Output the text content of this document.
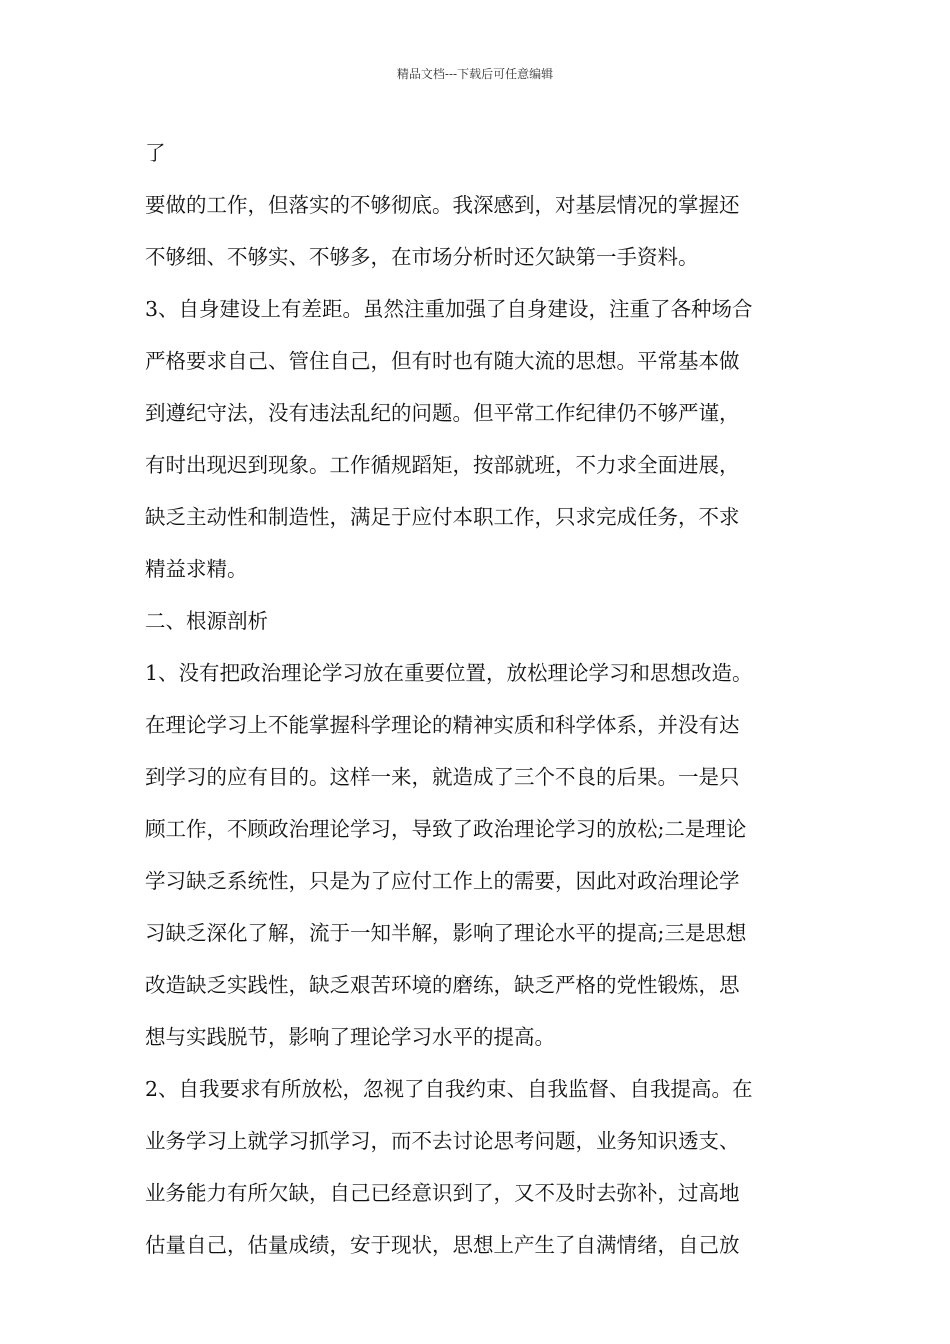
精品文档---下载后可任意编辑
了
要做的工作，但落实的不够彻底。我深感到，对基层情况的掌握还
不够细、不够实、不够多，在市场分析时还欠缺第一手资料。
3、自身建设上有差距。虽然注重加强了自身建设，注重了各种场合
严格要求自己、管住自己，但有时也有随大流的思想。平常基本做
到遵纪守法，没有违法乱纪的问题。但平常工作纪律仍不够严谨，
有时出现迟到现象。工作循规蹈矩，按部就班，不力求全面进展，
缺乏主动性和制造性，满足于应付本职工作，只求完成任务，不求
精益求精。
二、根源剖析
1、没有把政治理论学习放在重要位置，放松理论学习和思想改造。
在理论学习上不能掌握科学理论的精神实质和科学体系，并没有达
到学习的应有目的。这样一来，就造成了三个不良的后果。一是只
顾工作，不顾政治理论学习，导致了政治理论学习的放松;二是理论
学习缺乏系统性，只是为了应付工作上的需要，因此对政治理论学
习缺乏深化了解，流于一知半解，影响了理论水平的提高;三是思想
改造缺乏实践性，缺乏艰苦环境的磨练，缺乏严格的党性锻炼，思
想与实践脱节，影响了理论学习水平的提高。
2、自我要求有所放松，忽视了自我约束、自我监督、自我提高。在
业务学习上就学习抓学习，而不去讨论思考问题，业务知识透支、
业务能力有所欠缺，自己已经意识到了，又不及时去弥补，过高地
估量自己，估量成绩，安于现状，思想上产生了自满情绪，自己放
